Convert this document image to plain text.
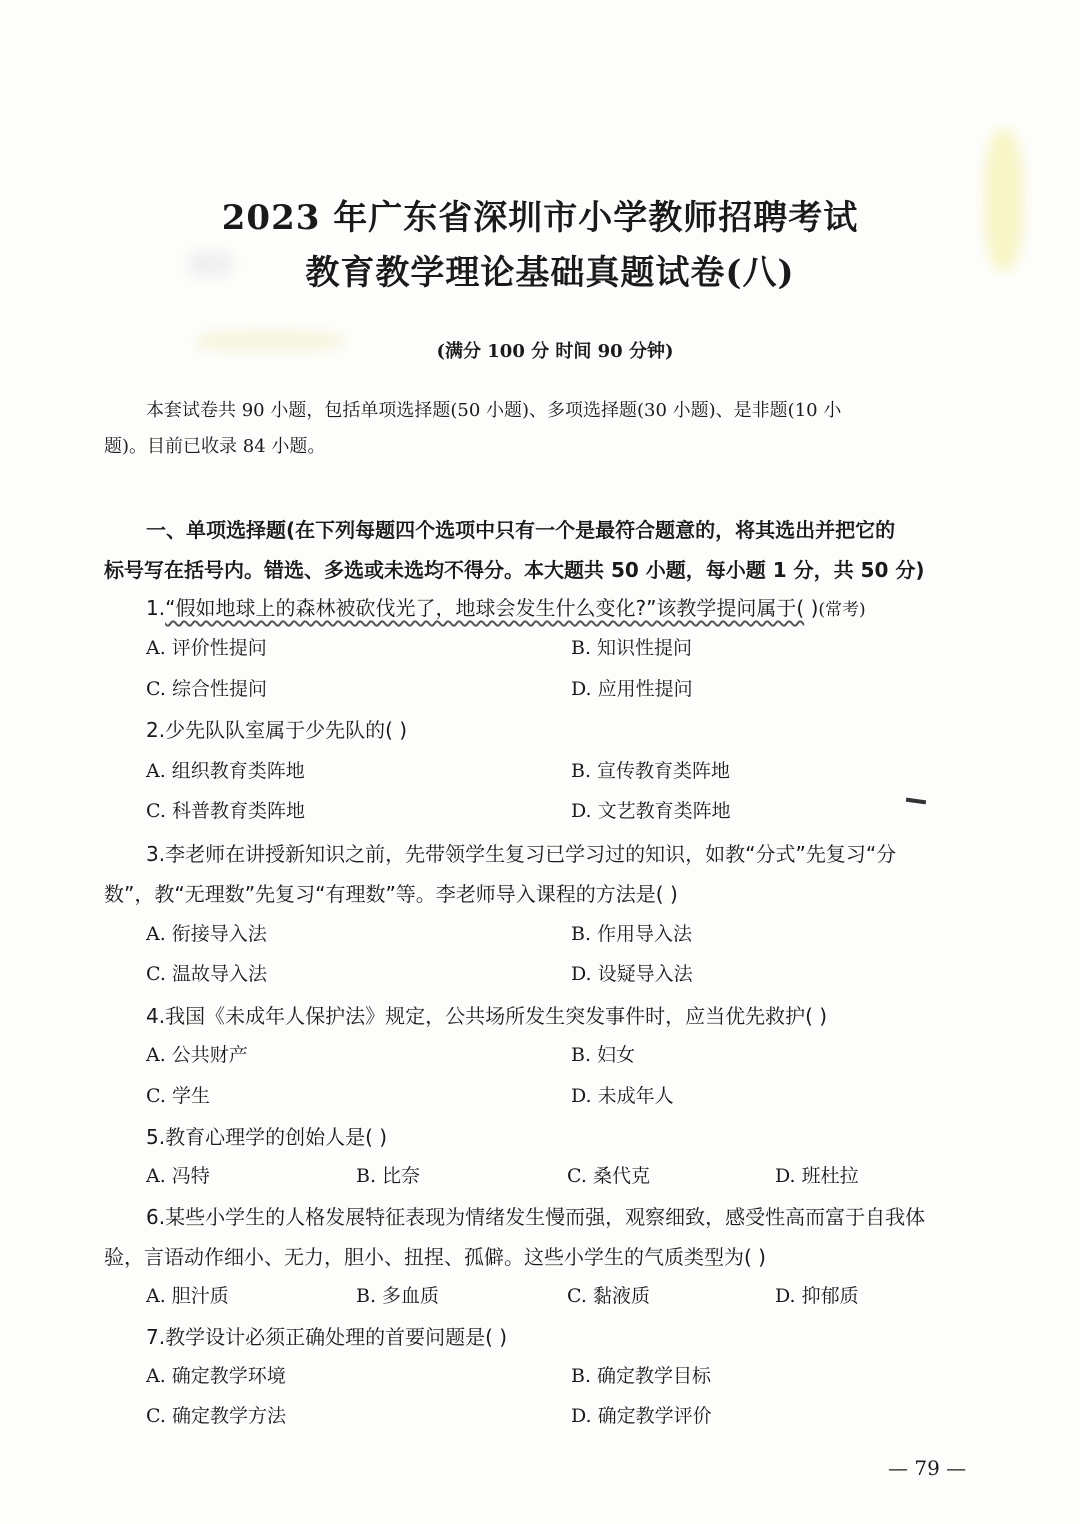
2023 年广东省深圳市小学教师招聘考试
教育教学理论基础真题试卷(八)
(满分 100 分 时间 90 分钟)
本套试卷共 90 小题，包括单项选择题(50 小题)、多项选择题(30 小题)、是非题(10 小
题)。目前已收录 84 小题。
一、单项选择题(在下列每题四个选项中只有一个是最符合题意的，将其选出并把它的
标号写在括号内。错选、多选或未选均不得分。本大题共 50 小题，每小题 1 分，共 50 分)
1.“假如地球上的森林被砍伐光了，地球会发生什么变化?”该教学提问属于( )(常考)
A. 评价性提问	B. 知识性提问
C. 综合性提问	D. 应用性提问
2.少先队队室属于少先队的( )
A. 组织教育类阵地	B. 宣传教育类阵地
C. 科普教育类阵地	D. 文艺教育类阵地
3.李老师在讲授新知识之前，先带领学生复习已学习过的知识，如教“分式”先复习“分
数”，教“无理数”先复习“有理数”等。李老师导入课程的方法是( )
A. 衔接导入法	B. 作用导入法
C. 温故导入法	D. 设疑导入法
4.我国《未成年人保护法》规定，公共场所发生突发事件时，应当优先救护( )
A. 公共财产	B. 妇女
C. 学生	D. 未成年人
5.教育心理学的创始人是( )
A. 冯特	B. 比奈	C. 桑代克	D. 班杜拉
6.某些小学生的人格发展特征表现为情绪发生慢而强，观察细致，感受性高而富于自我体
验，言语动作细小、无力，胆小、扭捏、孤僻。这些小学生的气质类型为( )
A. 胆汁质	B. 多血质	C. 黏液质	D. 抑郁质
7.教学设计必须正确处理的首要问题是( )
A. 确定教学环境	B. 确定教学目标
C. 确定教学方法	D. 确定教学评价
— 79 —
